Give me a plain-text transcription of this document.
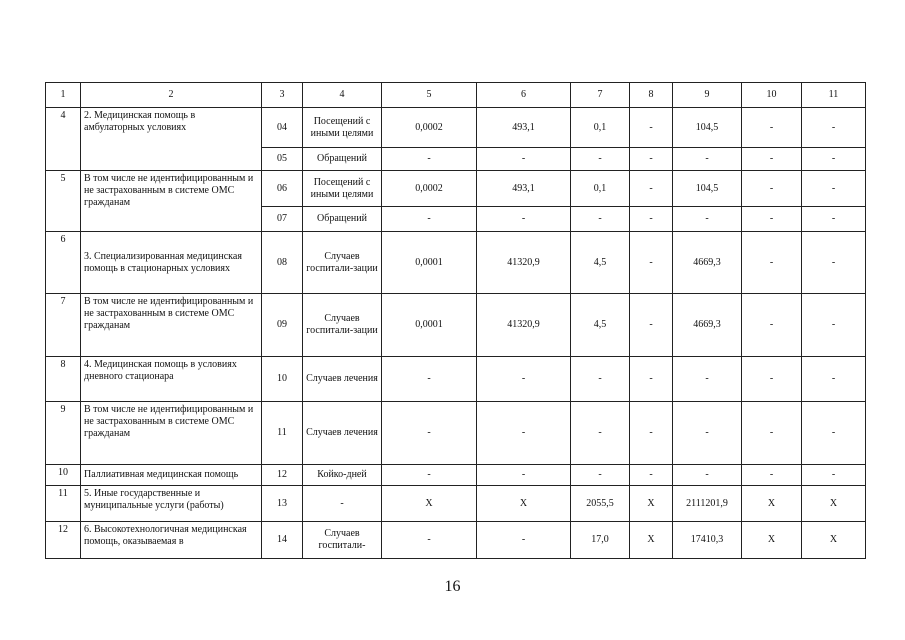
1	2	3	4	5	6	7	8	9	10	11
4	2. Медицинская помощь в амбулаторных условиях	04	Посещений с иными целями	0,0002	493,1	0,1	-	104,5	-	-
		05	Обращений	-	-	-	-	-	-	-
5	В том числе не идентифицированным и не застрахованным в системе ОМС гражданам	06	Посещений с иными целями	0,0002	493,1	0,1	-	104,5	-	-
		07	Обращений	-	-	-	-	-	-	-
6	3. Специализированная медицинская помощь в стационарных условиях	08	Случаев госпитали-зации	0,0001	41320,9	4,5	-	4669,3	-	-
7	В том числе не идентифицированным и не застрахованным в системе ОМС гражданам	09	Случаев госпитали-зации	0,0001	41320,9	4,5	-	4669,3	-	-
8	4. Медицинская помощь в условиях дневного стационара	10	Случаев лечения	-	-	-	-	-	-	-
9	В том числе не идентифицированным и не застрахованным в системе ОМС гражданам	11	Случаев лечения	-	-	-	-	-	-	-
10	Паллиативная медицинская помощь	12	Койко-дней	-	-	-	-	-	-	-
11	5. Иные государственные и муниципальные услуги (работы)	13	-	Х	Х	2055,5	Х	2111201,9	Х	Х
12	6. Высокотехнологичная медицинская помощь, оказываемая в	14	Случаев госпитали-	-	-	17,0	Х	17410,3	Х	Х
16
